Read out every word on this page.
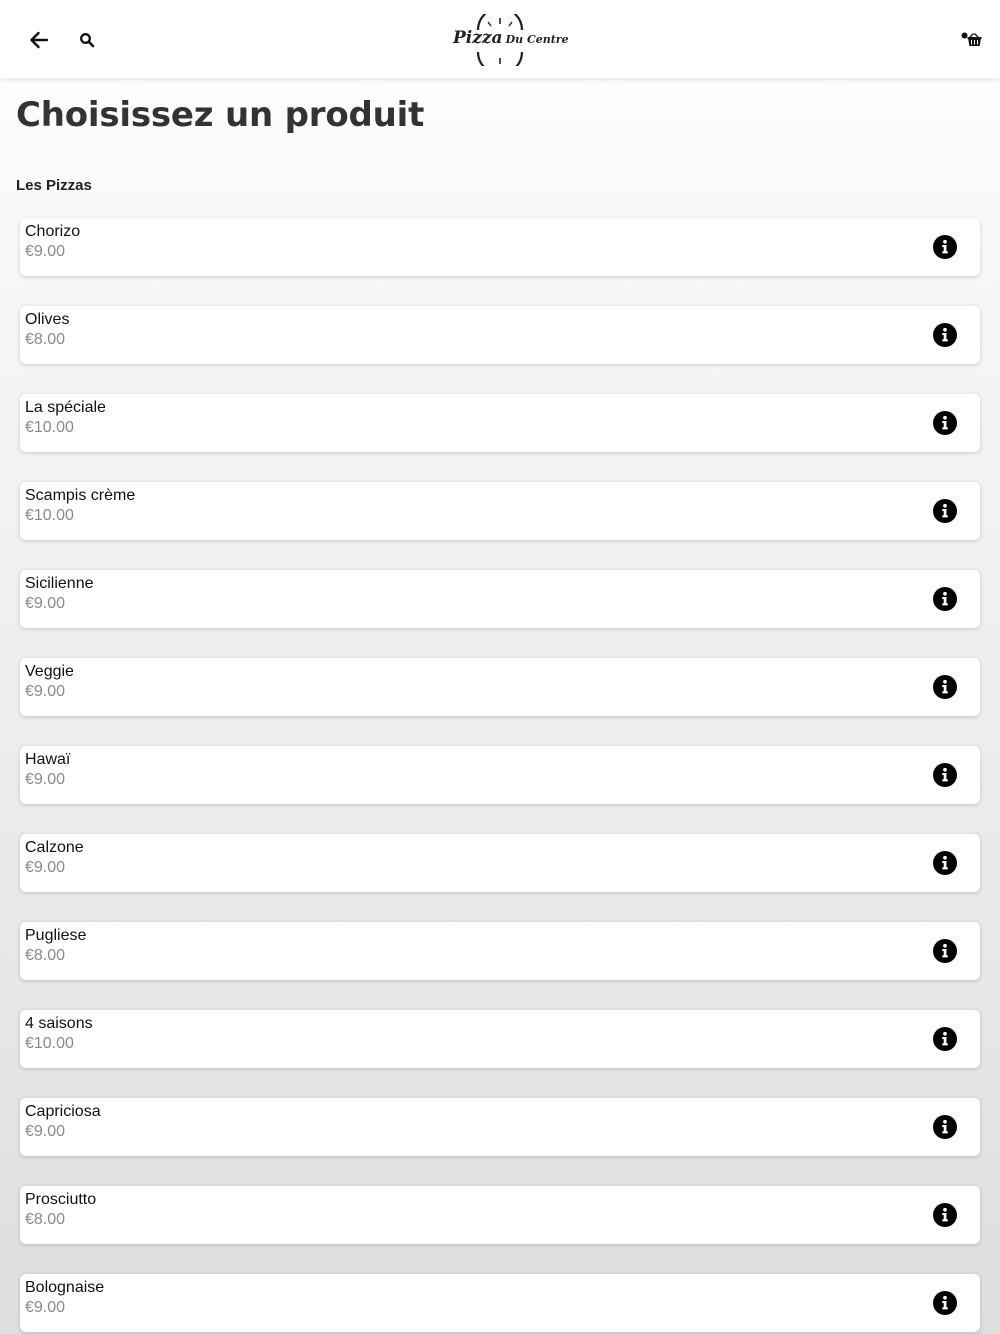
Pizza Du Centre
Choisissez un produit
Les Pizzas
Chorizo
€9.00
Olives
€8.00
La spéciale
€10.00
Scampis crème
€10.00
Sicilienne
€9.00
Veggie
€9.00
Hawaï
€9.00
Calzone
€9.00
Pugliese
€8.00
4 saisons
€10.00
Capriciosa
€9.00
Prosciutto
€8.00
Bolognaise
€9.00
